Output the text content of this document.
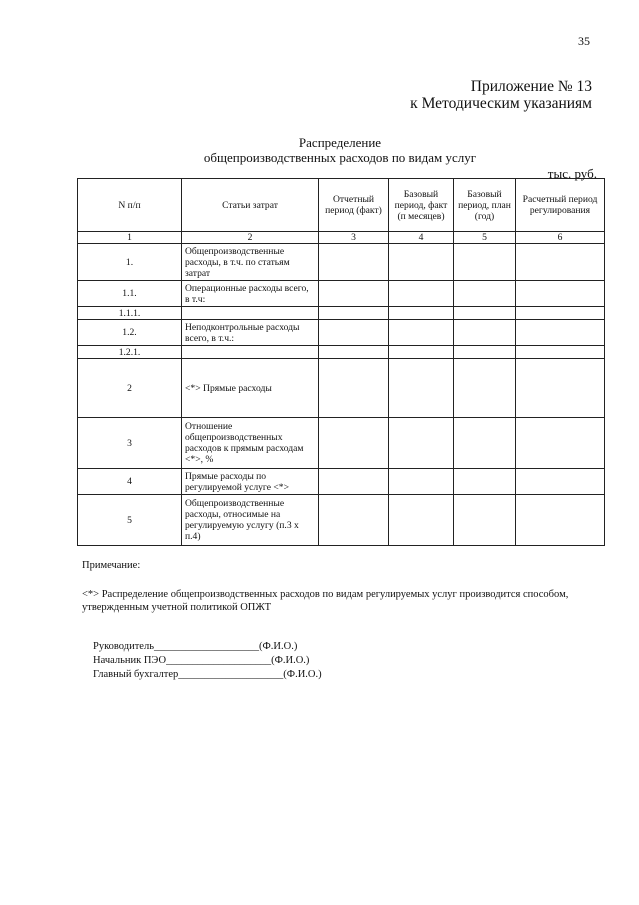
35
Приложение № 13
к Методическим указаниям
Распределение
общепроизводственных расходов по видам услуг
тыс. руб.
N п/п	Статьи затрат	Отчетный период (факт)	Базовый период, факт (п месяцев)	Базовый период, план (год)	Расчетный период регулирования
1	2	3	4	5	6
1.	Общепроизводственные расходы, в т.ч. по статьям затрат				
1.1.	Операционные расходы всего, в т.ч:				
1.1.1.					
1.2.	Неподконтрольные расходы всего, в т.ч.:				
1.2.1.					
2	<*> Прямые расходы				
3	Отношение общепроизводственных расходов к прямым расходам <*>, %				
4	Прямые расходы по регулируемой услуге <*>				
5	Общепроизводственные расходы, относимые на регулируемую услугу (п.3 х п.4)				
Примечание:
<*> Распределение общепроизводственных расходов по видам регулируемых услуг производится способом, утвержденным учетной политикой ОПЖТ
Руководитель____________________(Ф.И.О.)
Начальник ПЭО____________________(Ф.И.О.)
Главный бухгалтер____________________(Ф.И.О.)
